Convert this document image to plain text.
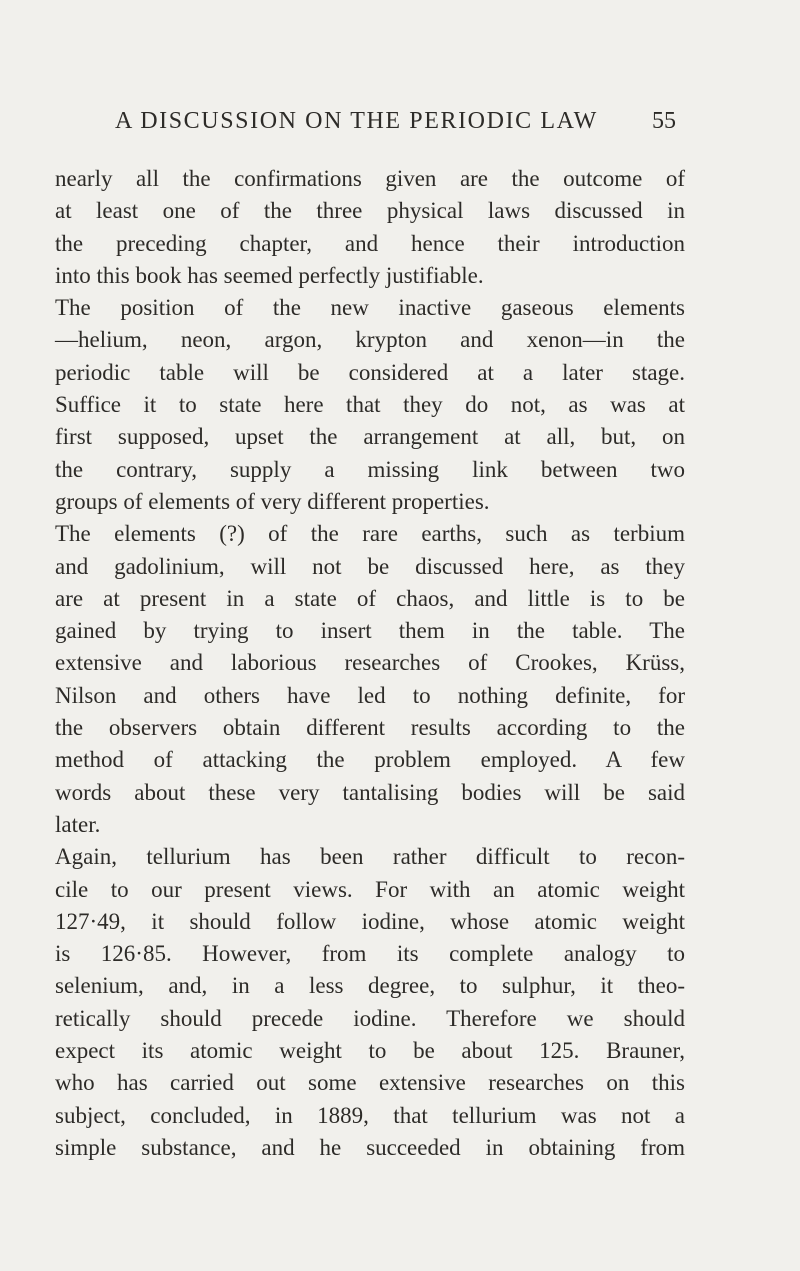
A DISCUSSION ON THE PERIODIC LAW 55
nearly all the confirmations given are the outcome of
at least one of the three physical laws discussed in
the preceding chapter, and hence their introduction
into this book has seemed perfectly justifiable.
The position of the new inactive gaseous elements
—helium, neon, argon, krypton and xenon—in the
periodic table will be considered at a later stage.
Suffice it to state here that they do not, as was at
first supposed, upset the arrangement at all, but, on
the contrary, supply a missing link between two
groups of elements of very different properties.
The elements (?) of the rare earths, such as terbium
and gadolinium, will not be discussed here, as they
are at present in a state of chaos, and little is to be
gained by trying to insert them in the table. The
extensive and laborious researches of Crookes, Krüss,
Nilson and others have led to nothing definite, for
the observers obtain different results according to the
method of attacking the problem employed. A few
words about these very tantalising bodies will be said
later.
Again, tellurium has been rather difficult to recon-
cile to our present views. For with an atomic weight
127·49, it should follow iodine, whose atomic weight
is 126·85. However, from its complete analogy to
selenium, and, in a less degree, to sulphur, it theo-
retically should precede iodine. Therefore we should
expect its atomic weight to be about 125. Brauner,
who has carried out some extensive researches on this
subject, concluded, in 1889, that tellurium was not a
simple substance, and he succeeded in obtaining from
